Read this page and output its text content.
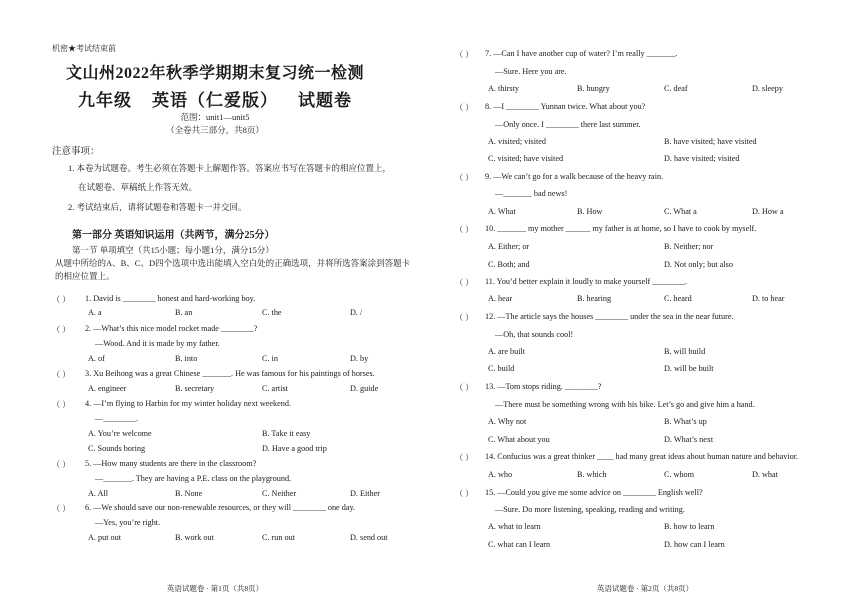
机密★考试结束前
文山州2022年秋季学期期末复习统一检测
九年级 英语（仁爱版） 试题卷
范围：unit1—unit5
（全卷共三部分，共8页）
注意事项：
1. 本卷为试题卷。考生必须在答题卡上解题作答。答案应书写在答题卡的相应位置上，
在试题卷、草稿纸上作答无效。
2. 考试结束后，请将试题卷和答题卡一并交回。
第一部分 英语知识运用（共两节，满分25分）
第一节 单项填空（共15小题；每小题1分，满分15分）
从题中所给的A、B、C、D四个选项中选出能填入空白处的正确选项，并将所选答案涂到答题卡的相应位置上。
英语试题卷 · 第1页（共8页）
（ ） 1. David is ________ honest and hard-working boy.
A. a	B. an	C. the	D. /
（ ） 2. —What’s this nice model rocket made ________?
—Wood. And it is made by my father.
A. of	B. into	C. in	D. by
（ ） 3. Xu Beihong was a great Chinese _______. He was famous for his paintings of horses.
A. engineer	B. secretary	C. artist	D. guide
（ ） 4. —I’m flying to Harbin for my winter holiday next weekend.
—________.
A. You’re welcome	B. Take it easy
C. Sounds boring	D. Have a good trip
（ ） 5. —How many students are there in the classroom?
—_______. They are having a P.E. class on the playground.
A. All	B. None	C. Neither	D. Either
（ ） 6. —We should save our non-renewable resources, or they will ________ one day.
—Yes, you’re right.
A. put out	B. work out	C. run out	D. send out
英语试题卷 · 第2页（共8页）
（ ） 7. —Can I have another cup of water? I’m really _______.
—Sure. Here you are.
A. thirsty	B. hungry	C. deaf	D. sleepy
（ ） 8. —I ________ Yunnan twice. What about you?
—Only once. I ________ there last summer.
A. visited; visited	B. have visited; have visited
C. visited; have visited	D. have visited; visited
（ ） 9. —We can’t go for a walk because of the heavy rain.
—_______ bad news!
A. What	B. How	C. What a	D. How a
（ ） 10. _______ my mother ______ my father is at home, so I have to cook by myself.
A. Either; or	B. Neither; nor
C. Both; and	D. Not only; but also
（ ） 11. You’d better explain it loudly to make yourself ________.
A. hear	B. hearing	C. heard	D. to hear
（ ） 12. —The article says the houses ________ under the sea in the near future.
—Oh, that sounds cool!
A. are built	B. will build
C. build	D. will be built
（ ） 13. —Tom stops riding. ________?
—There must be something wrong with his bike. Let’s go and give him a hand.
A. Why not	B. What’s up
C. What about you	D. What’s next
（ ） 14. Confucius was a great thinker ____ had many great ideas about human nature and behavior.
A. who	B. which	C. whom	D. what
（ ） 15. —Could you give me some advice on ________ English well?
—Sure. Do more listening, speaking, reading and writing.
A. what to learn	B. how to learn
C. what can I learn	D. how can I learn
